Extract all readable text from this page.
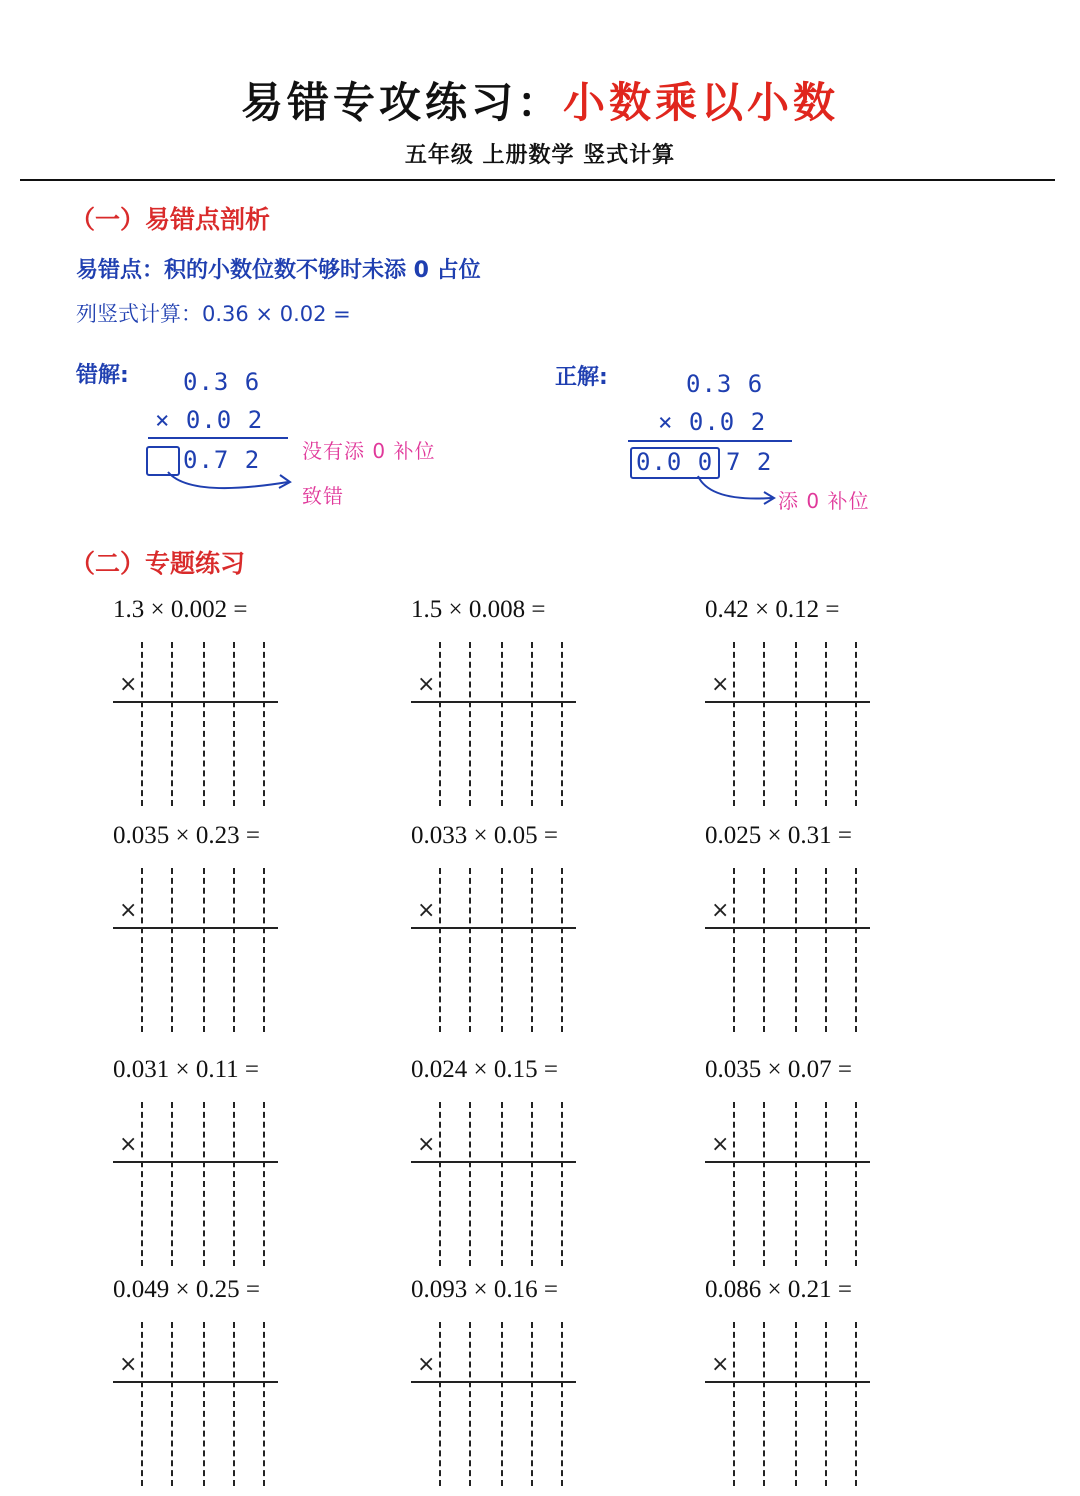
易错专攻练习：小数乘以小数
五年级 上册数学 竖式计算
（一）易错点剖析
易错点：积的小数位数不够时未添 0 占位
列竖式计算：0.36 × 0.02 =
错解: 0.3 6
× 0.0 2
0.7 2 没有添 0 补位
致错
正解:	0.3 6
× 0.0 2
0.0 0 7 2
添 0 补位
（二）专题练习
1.3 × 0.002 =
×
1.5 × 0.008 =
×
0.42 × 0.12 =
×
0.035 × 0.23 =
×
0.033 × 0.05 =
×
0.025 × 0.31 =
×
0.031 × 0.11 =
×
0.024 × 0.15 =
×
0.035 × 0.07 =
×
0.049 × 0.25 =
×
0.093 × 0.16 =
×
0.086 × 0.21 =
×
